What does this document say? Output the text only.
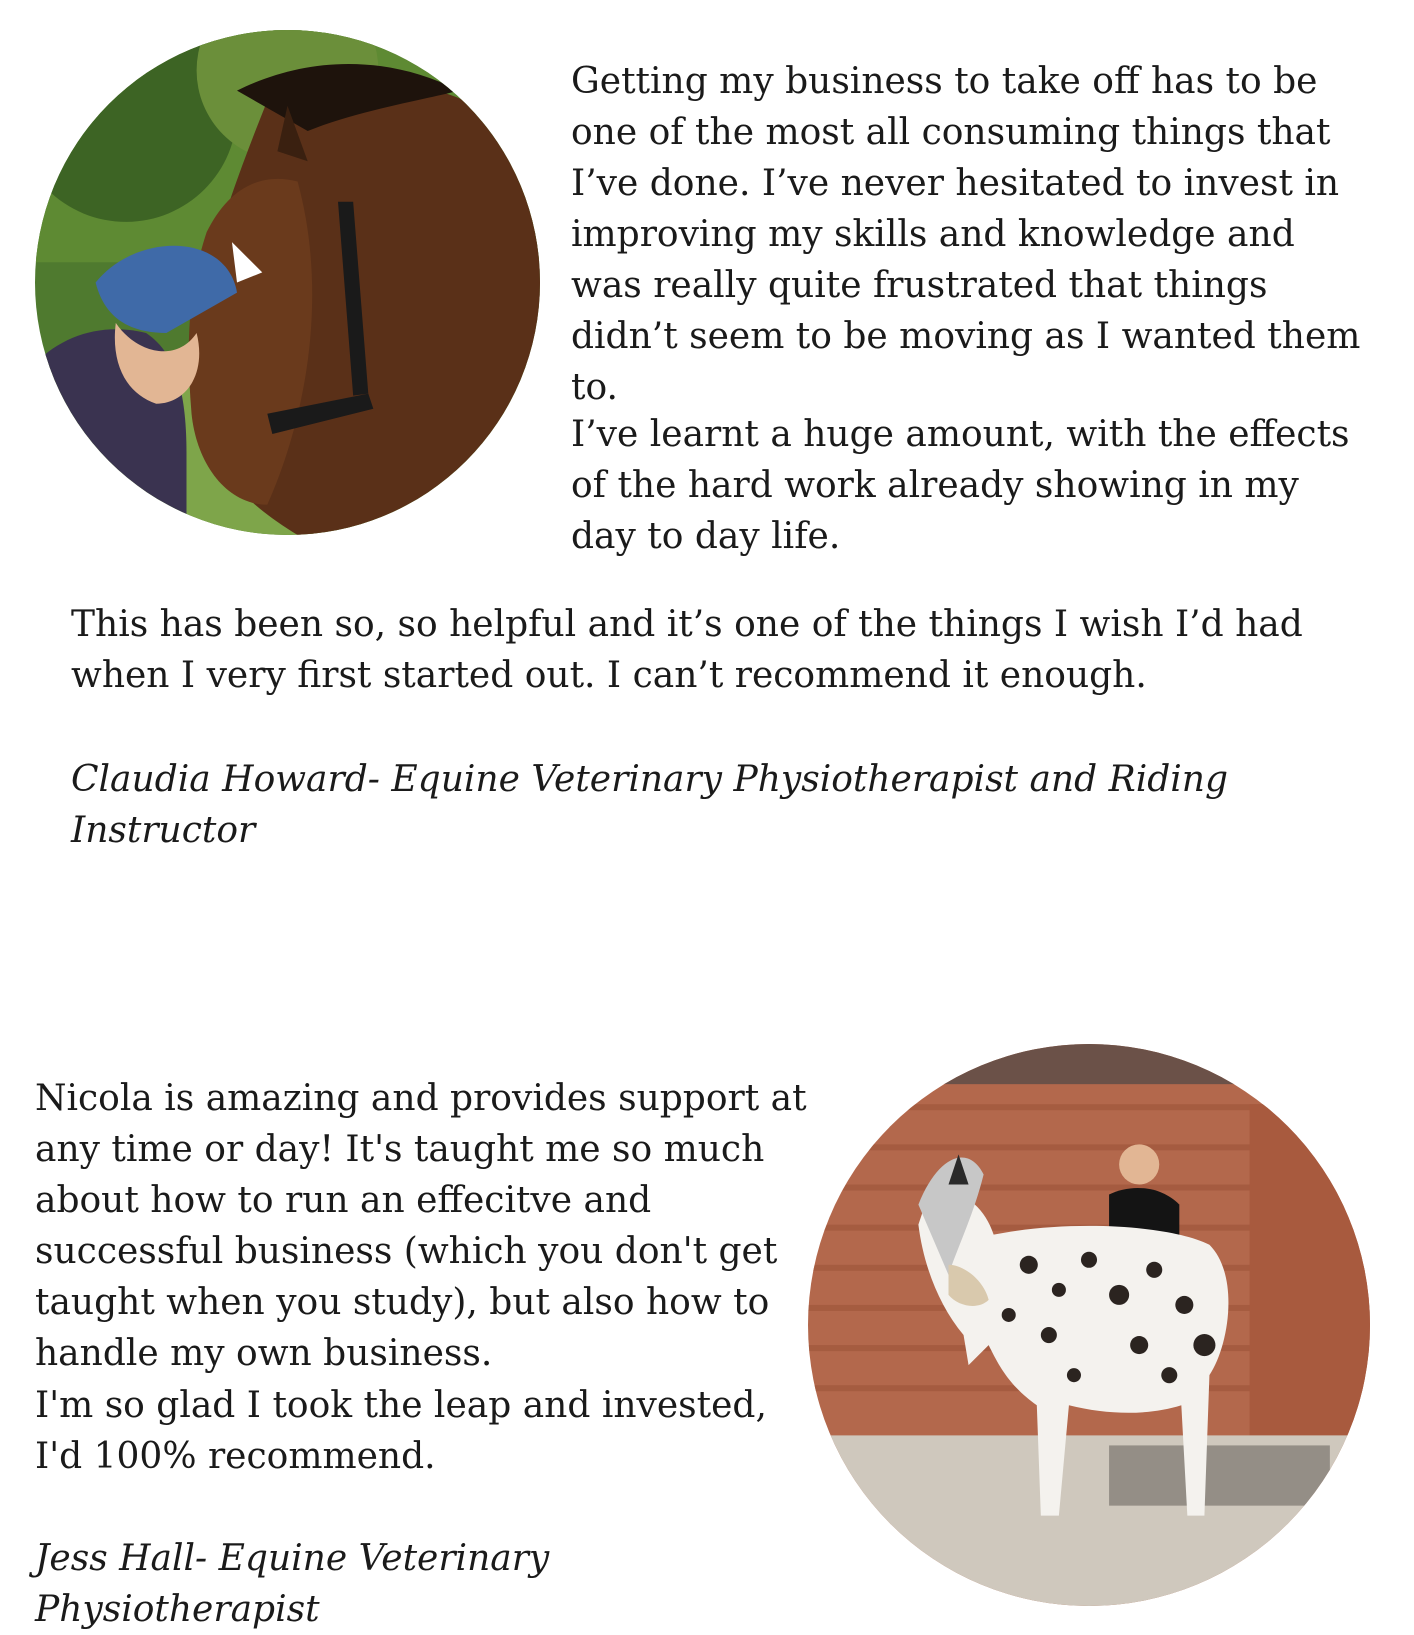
Getting my business to take off has to be one of the most all consuming things that I’ve done. I’ve never hesitated to invest in improving my skills and knowledge and was really quite frustrated that things didn’t seem to be moving as I wanted them to.

I’ve learnt a huge amount, with the effects of the hard work already showing in my day to day life.

This has been so, so helpful and it’s one of the things I wish I’d had when I very first started out. I can’t recommend it enough.

Claudia Howard- Equine Veterinary Physiotherapist and Riding Instructor

Nicola is amazing and provides support at any time or day! It's taught me so much about how to run an effecitve and successful business (which you don't get taught when you study), but also how to handle my own business.

I'm so glad I took the leap and invested, I'd 100% recommend.

Jess Hall- Equine Veterinary Physiotherapist
